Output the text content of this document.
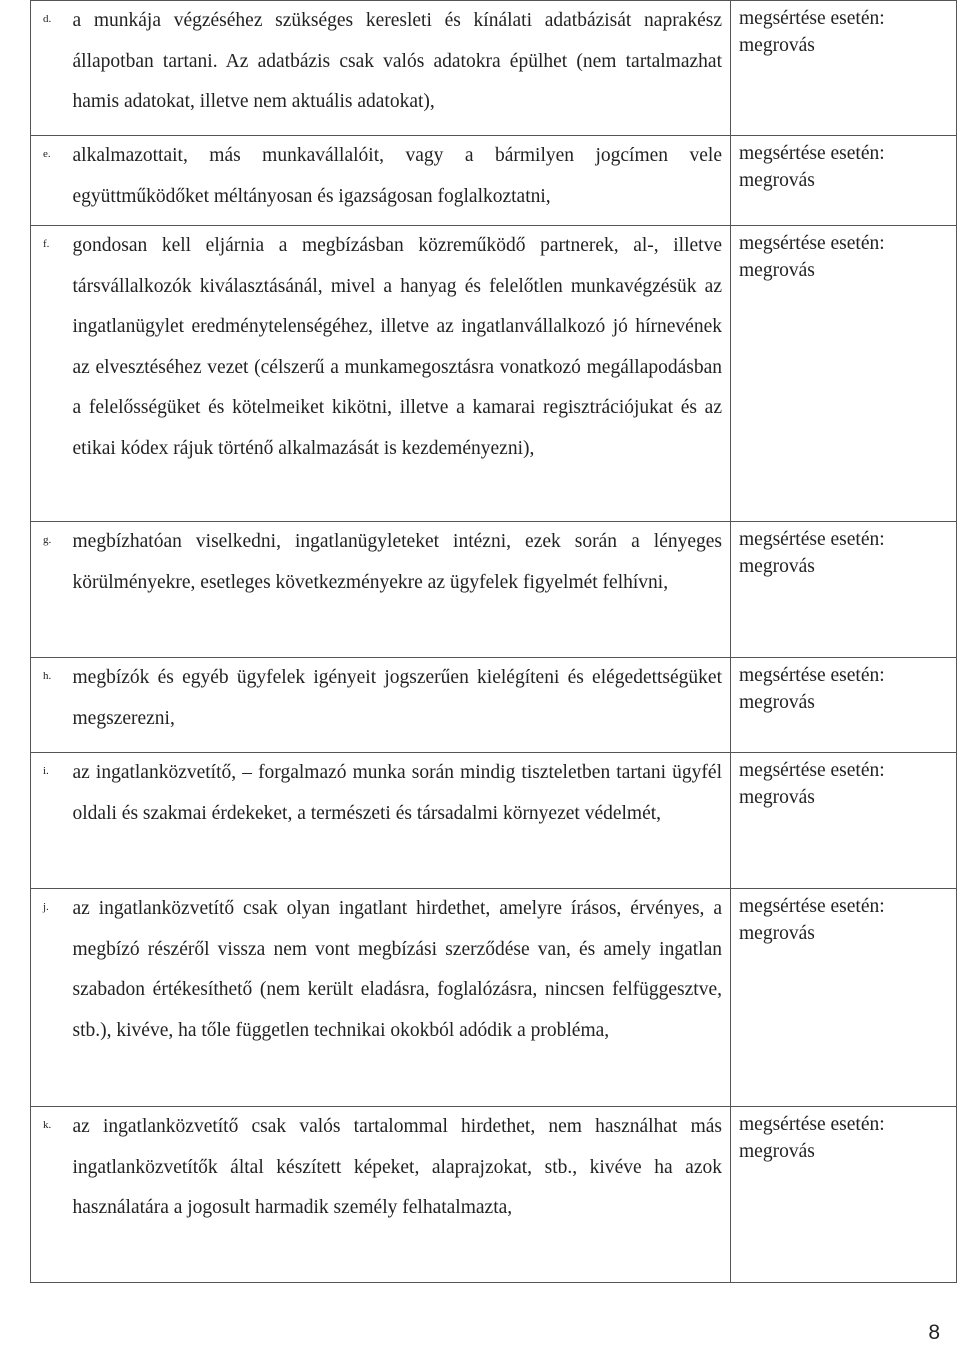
d.	a munkája végzéséhez szükséges keresleti és kínálati adatbázisát naprakész állapotban tartani. Az adatbázis csak valós adatokra épülhet (nem tartalmazhat hamis adatokat, illetve nem aktuális adatokat),	megsértése esetén: megrovás
e.	alkalmazottait, más munkavállalóit, vagy a bármilyen jogcímen vele együttműködőket méltányosan és igazságosan foglalkoztatni,	megsértése esetén: megrovás
f.	gondosan kell eljárnia a megbízásban közreműködő partnerek, al-, illetve társvállalkozók kiválasztásánál, mivel a hanyag és felelőtlen munkavégzésük az ingatlanügylet eredménytelenségéhez, illetve az ingatlanvállalkozó jó hírnevének az elvesztéséhez vezet (célszerű a munkamegosztásra vonatkozó megállapodásban a felelősségüket és kötelmeiket kikötni, illetve a kamarai regisztrációjukat és az etikai kódex rájuk történő alkalmazását is kezdeményezni),	megsértése esetén: megrovás
g.	megbízhatóan viselkedni, ingatlanügyleteket intézni, ezek során a lényeges körülményekre, esetleges következményekre az ügyfelek figyelmét felhívni,	megsértése esetén: megrovás
h.	megbízók és egyéb ügyfelek igényeit jogszerűen kielégíteni és elégedettségüket megszerezni,	megsértése esetén: megrovás
i.	az ingatlanközvetítő, – forgalmazó munka során mindig tiszteletben tartani ügyfél oldali és szakmai érdekeket, a természeti és társadalmi környezet védelmét,	megsértése esetén: megrovás
j.	az ingatlanközvetítő csak olyan ingatlant hirdethet, amelyre írásos, érvényes, a megbízó részéről vissza nem vont megbízási szerződése van, és amely ingatlan szabadon értékesíthető (nem került eladásra, foglalózásra, nincsen felfüggesztve, stb.), kivéve, ha tőle független technikai okokból adódik a probléma,	megsértése esetén: megrovás
k.	az ingatlanközvetítő csak valós tartalommal hirdethet, nem használhat más ingatlanközvetítők által készített képeket, alaprajzokat, stb., kivéve ha azok használatára a jogosult harmadik személy felhatalmazta,	megsértése esetén: megrovás
8
